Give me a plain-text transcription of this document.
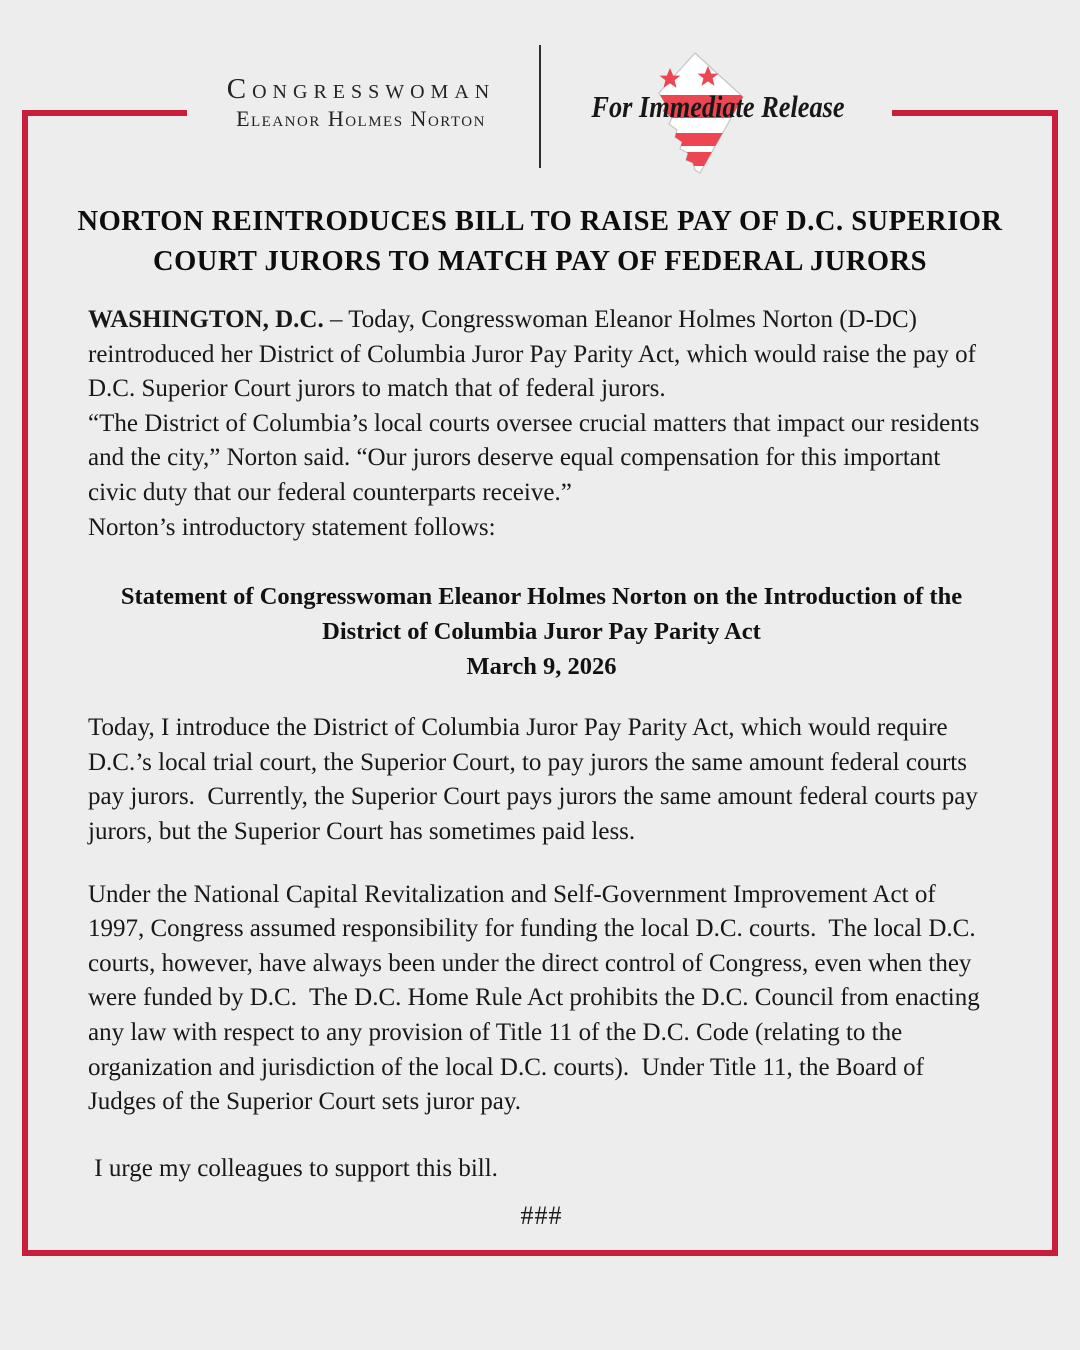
Congresswoman
Eleanor Holmes Norton	For Immediate Release
NORTON REINTRODUCES BILL TO RAISE PAY OF D.C. SUPERIOR
COURT JURORS TO MATCH PAY OF FEDERAL JURORS

WASHINGTON, D.C. – Today, Congresswoman Eleanor Holmes Norton (D-DC) reintroduced her District of Columbia Juror Pay Parity Act, which would raise the pay of D.C. Superior Court jurors to match that of federal jurors.

“The District of Columbia’s local courts oversee crucial matters that impact our residents and the city,” Norton said. “Our jurors deserve equal compensation for this important civic duty that our federal counterparts receive.”

Norton’s introductory statement follows:

Statement of Congresswoman Eleanor Holmes Norton on the Introduction of the
District of Columbia Juror Pay Parity Act
March 9, 2026

Today, I introduce the District of Columbia Juror Pay Parity Act, which would require D.C.’s local trial court, the Superior Court, to pay jurors the same amount federal courts pay jurors.  Currently, the Superior Court pays jurors the same amount federal courts pay jurors, but the Superior Court has sometimes paid less.

Under the National Capital Revitalization and Self-Government Improvement Act of 1997, Congress assumed responsibility for funding the local D.C. courts.  The local D.C. courts, however, have always been under the direct control of Congress, even when they were funded by D.C.  The D.C. Home Rule Act prohibits the D.C. Council from enacting any law with respect to any provision of Title 11 of the D.C. Code (relating to the organization and jurisdiction of the local D.C. courts).  Under Title 11, the Board of Judges of the Superior Court sets juror pay.

I urge my colleagues to support this bill.

###
